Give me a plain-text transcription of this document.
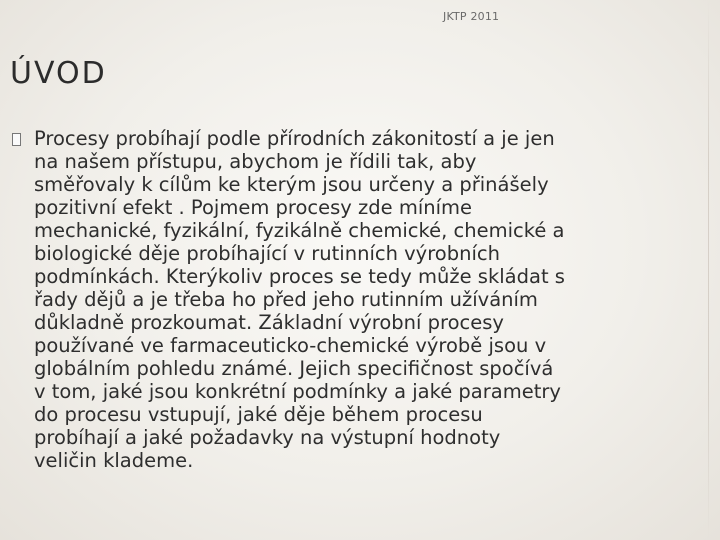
JKTP 2011
ÚVOD
Procesy probíhají podle přírodních zákonitostí a je jen
na našem přístupu, abychom je řídili tak, aby
směřovaly k cílům ke kterým jsou určeny a přinášely
pozitivní efekt . Pojmem procesy zde míníme
mechanické, fyzikální, fyzikálně chemické, chemické a
biologické děje probíhající v rutinních výrobních
podmínkách. Kterýkoliv proces se tedy může skládat s
řady dějů a je třeba ho před jeho rutinním užíváním
důkladně prozkoumat. Základní výrobní procesy
používané ve farmaceuticko-chemické výrobě jsou v
globálním pohledu známé. Jejich specifičnost spočívá
v tom, jaké jsou konkrétní podmínky a jaké parametry
do procesu vstupují, jaké děje během procesu
probíhají a jaké požadavky na výstupní hodnoty
veličin klademe.
